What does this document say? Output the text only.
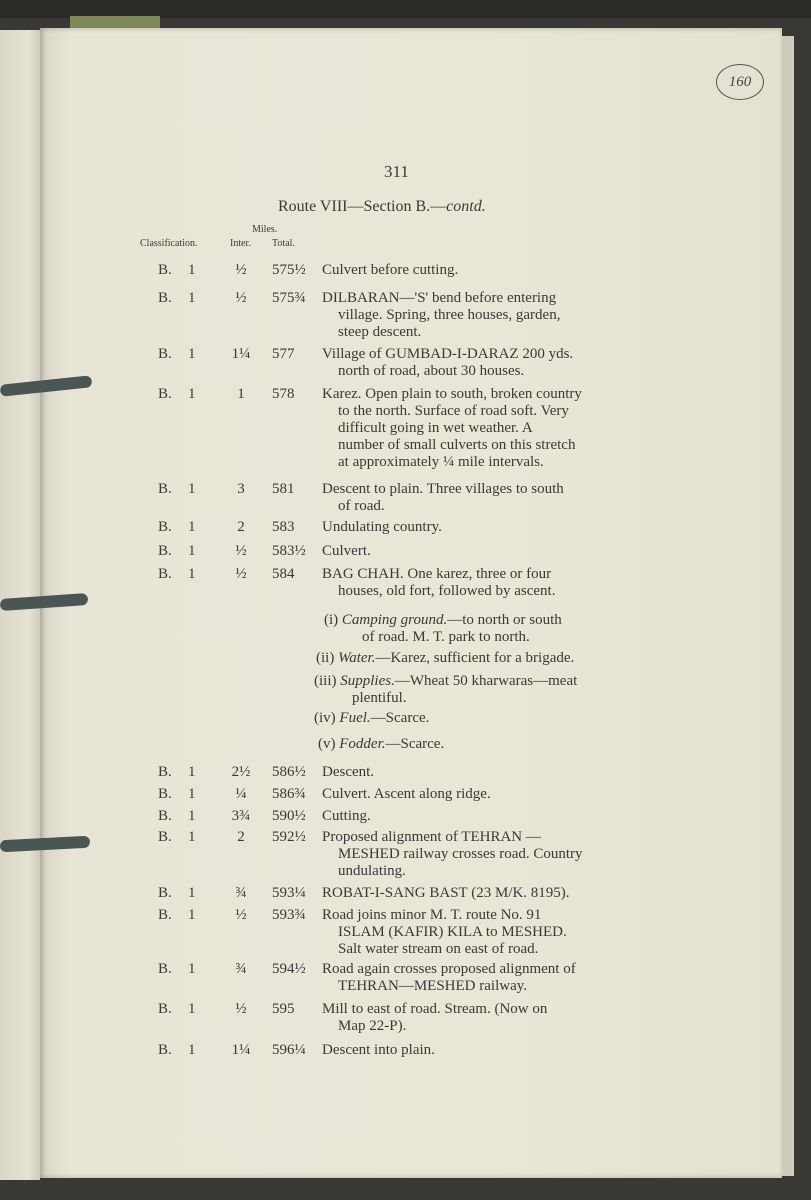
160
311
Route VIII—Section B.—contd.
Miles.
Classification.	Inter. Total.
B. 1	½	575½ Culvert before cutting.
B. 1	½	575¾ DILBARAN—'S' bend before entering
village. Spring, three houses, garden,
steep descent.
B. 1 1¼ 577 Village of GUMBAD-I-DARAZ 200 yds.
north of road, about 30 houses.
B. 1	1	578 Karez. Open plain to south, broken country
to the north. Surface of road soft. Very
difficult going in wet weather. A
number of small culverts on this stretch
at approximately ¼ mile intervals.
B. 1	3	581 Descent to plain. Three villages to south
of road.
B. 1	2	583 Undulating country.
B. 1	½	583½ Culvert.
B. 1	½	584 BAG CHAH. One karez, three or four
houses, old fort, followed by ascent.
B. 1 2½ 586½ Descent.
B. 1	¼	586¾ Culvert. Ascent along ridge.
B. 1 3¾ 590½ Cutting.
B. 1	2	592½ Proposed alignment of TEHRAN —
MESHED railway crosses road. Country
undulating.
B. 1	¾	593¼ ROBAT-I-SANG BAST (23 M/K. 8195).
B. 1	½	593¾ Road joins minor M. T. route No. 91
ISLAM (KAFIR) KILA to MESHED.
Salt water stream on east of road.
B. 1	¾	594½ Road again crosses proposed alignment of
TEHRAN—MESHED railway.
B. 1	½	595 Mill to east of road. Stream. (Now on
Map 22-P).
B. 1 1¼ 596¼ Descent into plain.
(i) Camping ground.—to north or south
of road. M. T. park to north.
(ii) Water.—Karez, sufficient for a brigade.
(iii) Supplies.—Wheat 50 kharwaras—meat
plentiful.
(iv) Fuel.—Scarce.
(v) Fodder.—Scarce.
